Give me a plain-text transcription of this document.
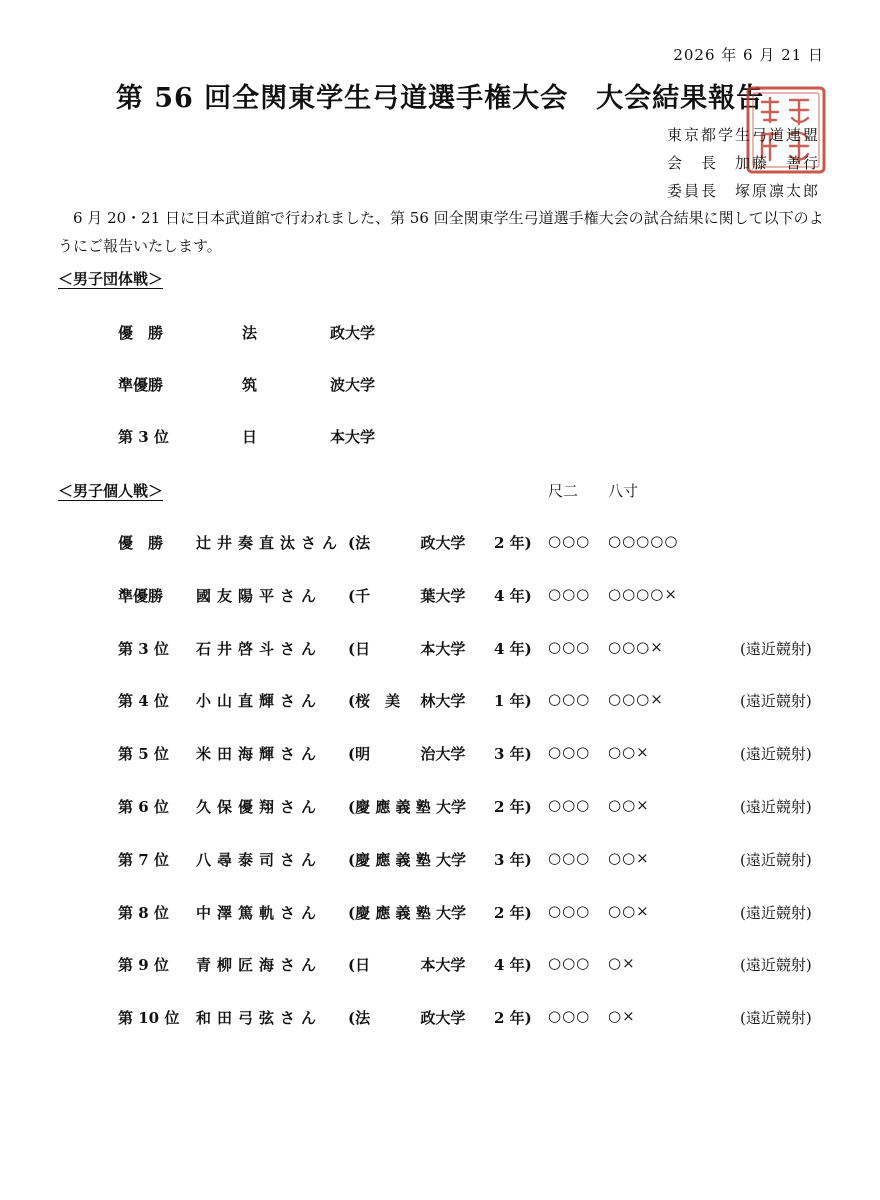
2026 年 6 月 21 日
第 56 回全関東学生弓道選手権大会　大会結果報告
東京都学生弓道連盟
会　長　加藤　善行
委員長　塚原凛太郎

6 月 20・21 日に日本武道館で行われました、第 56 回全関東学生弓道選手権大会の試合結果に関して以下のよ

うにご報告いたします。
＜男子団体戦＞
優　勝	法	政大学
準優勝	筑	波大学
第 3 位	日	本大学
＜男子個人戦＞	尺二 八寸
優　勝 辻井奏直汰さん (法　　　 政大学 2 年) ○○○ ○○○○○
準優勝 國友陽平さん (千　　　 葉大学 4 年) ○○○ ○○○○×
第 3 位 石井啓斗さん (日　　　 本大学 4 年) ○○○ ○○○×	(遠近競射)
第 4 位 小山直輝さん (桜　美　 林大学 1 年) ○○○ ○○○×	(遠近競射)
第 5 位 米田海輝さん (明　　　 治大学 3 年) ○○○ ○○×	(遠近競射)
第 6 位 久保優翔さん (慶 應 義 塾 大学 2 年) ○○○ ○○×	(遠近競射)
第 7 位 八尋泰司さん (慶 應 義 塾 大学 3 年) ○○○ ○○×	(遠近競射)
第 8 位 中澤篤軌さん (慶 應 義 塾 大学 2 年) ○○○ ○○×	(遠近競射)
第 9 位 青柳匠海さん (日　　　 本大学 4 年) ○○○ ○×	(遠近競射)
第 10 位 和田弓弦さん (法　　　 政大学 2 年) ○○○ ○×	(遠近競射)
